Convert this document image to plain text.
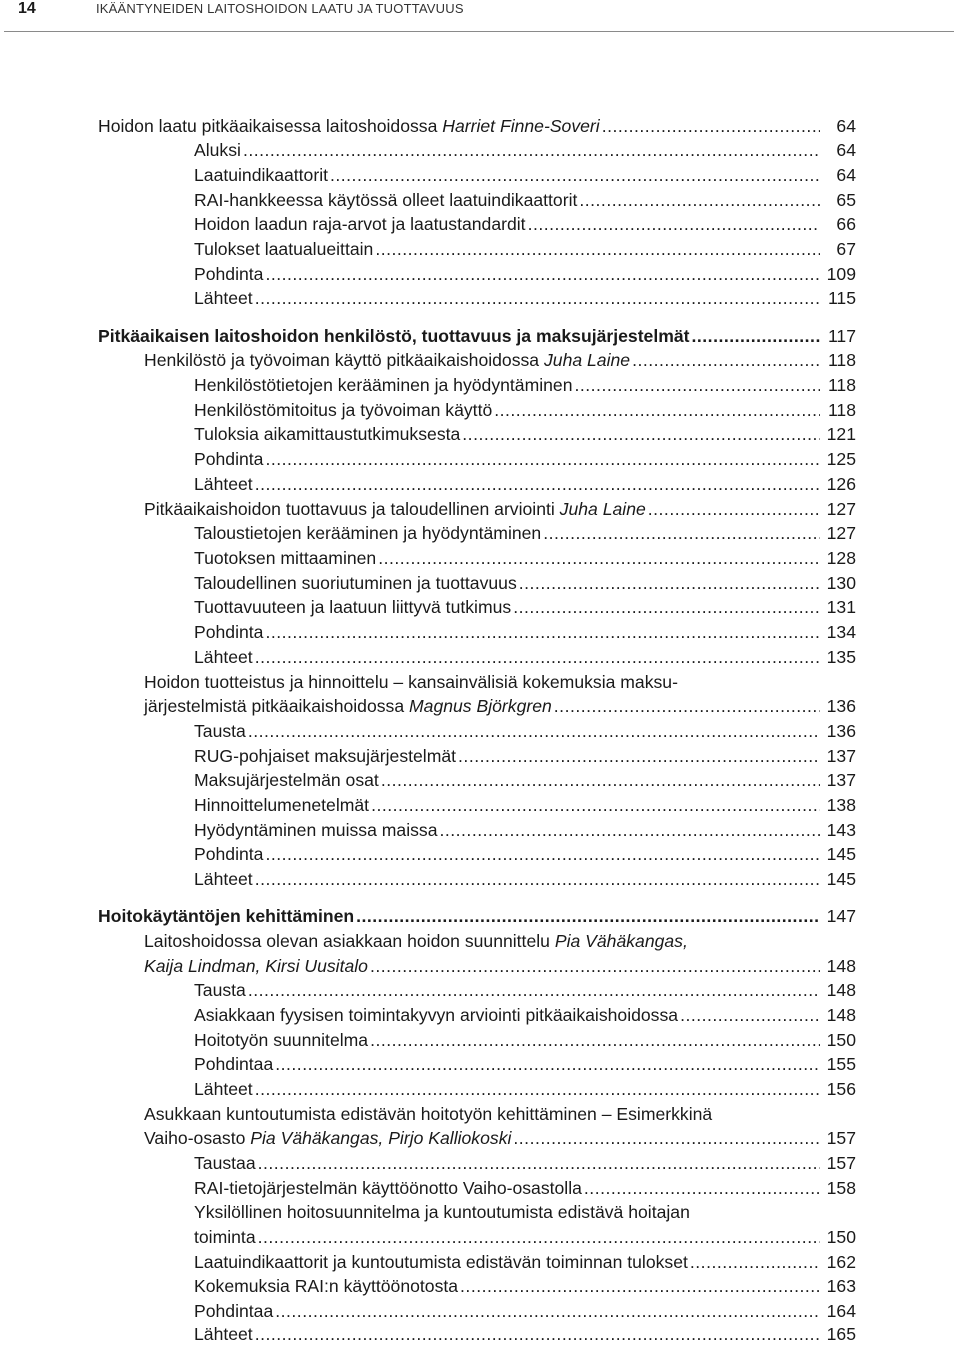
14	IKÄÄNTYNEIDEN LAITOSHOIDON LAATU JA TUOTTAVUUS
Hoidon laatu pitkäaikaisessa laitoshoidossa Harriet Finne-Soveri .....	64
Aluksi .....	64
Laatuindikaattorit .....	64
RAI-hankkeessa käytössä olleet laatuindikaattorit .....	65
Hoidon laadun raja-arvot ja laatustandardit .....	66
Tulokset laatualueittain .....	67
Pohdinta .....	109
Lähteet .....	115
Pitkäaikaisen laitoshoidon henkilöstö, tuottavuus ja maksujärjestelmät .....	117
Henkilöstö ja työvoiman käyttö pitkäaikaishoidossa Juha Laine .....	118
Henkilöstötietojen kerääminen ja hyödyntäminen .....	118
Henkilöstömitoitus ja työvoiman käyttö .....	118
Tuloksia aikamittaustutkimuksesta .....	121
Pohdinta .....	125
Lähteet .....	126
Pitkäaikaishoidon tuottavuus ja taloudellinen arviointi Juha Laine .....	127
Taloustietojen kerääminen ja hyödyntäminen .....	127
Tuotoksen mittaaminen .....	128
Taloudellinen suoriutuminen ja tuottavuus .....	130
Tuottavuuteen ja laatuun liittyvä tutkimus .....	131
Pohdinta .....	134
Lähteet .....	135
Hoidon tuotteistus ja hinnoittelu – kansainvälisiä kokemuksia maksu-
järjestelmistä pitkäaikaishoidossa Magnus Björkgren .....	136
Tausta .....	136
RUG-pohjaiset maksujärjestelmät .....	137
Maksujärjestelmän osat .....	137
Hinnoittelumenetelmät .....	138
Hyödyntäminen muissa maissa .....	143
Pohdinta .....	145
Lähteet .....	145
Hoitokäytäntöjen kehittäminen .....	147
Laitoshoidossa olevan asiakkaan hoidon suunnittelu Pia Vähäkangas,
Kaija Lindman, Kirsi Uusitalo .....	148
Tausta .....	148
Asiakkaan fyysisen toimintakyvyn arviointi pitkäaikaishoidossa .....	148
Hoitotyön suunnitelma .....	150
Pohdintaa .....	155
Lähteet .....	156
Asukkaan kuntoutumista edistävän hoitotyön kehittäminen – Esimerkkinä
Vaiho-osasto Pia Vähäkangas, Pirjo Kalliokoski .....	157
Taustaa .....	157
RAI-tietojärjestelmän käyttöönotto Vaiho-osastolla .....	158
Yksilöllinen hoitosuunnitelma ja kuntoutumista edistävä hoitajan
toiminta .....	150
Laatuindikaattorit ja kuntoutumista edistävän toiminnan tulokset .....	162
Kokemuksia RAI:n käyttöönotosta .....	163
Pohdintaa .....	164
Lähteet .....	165
